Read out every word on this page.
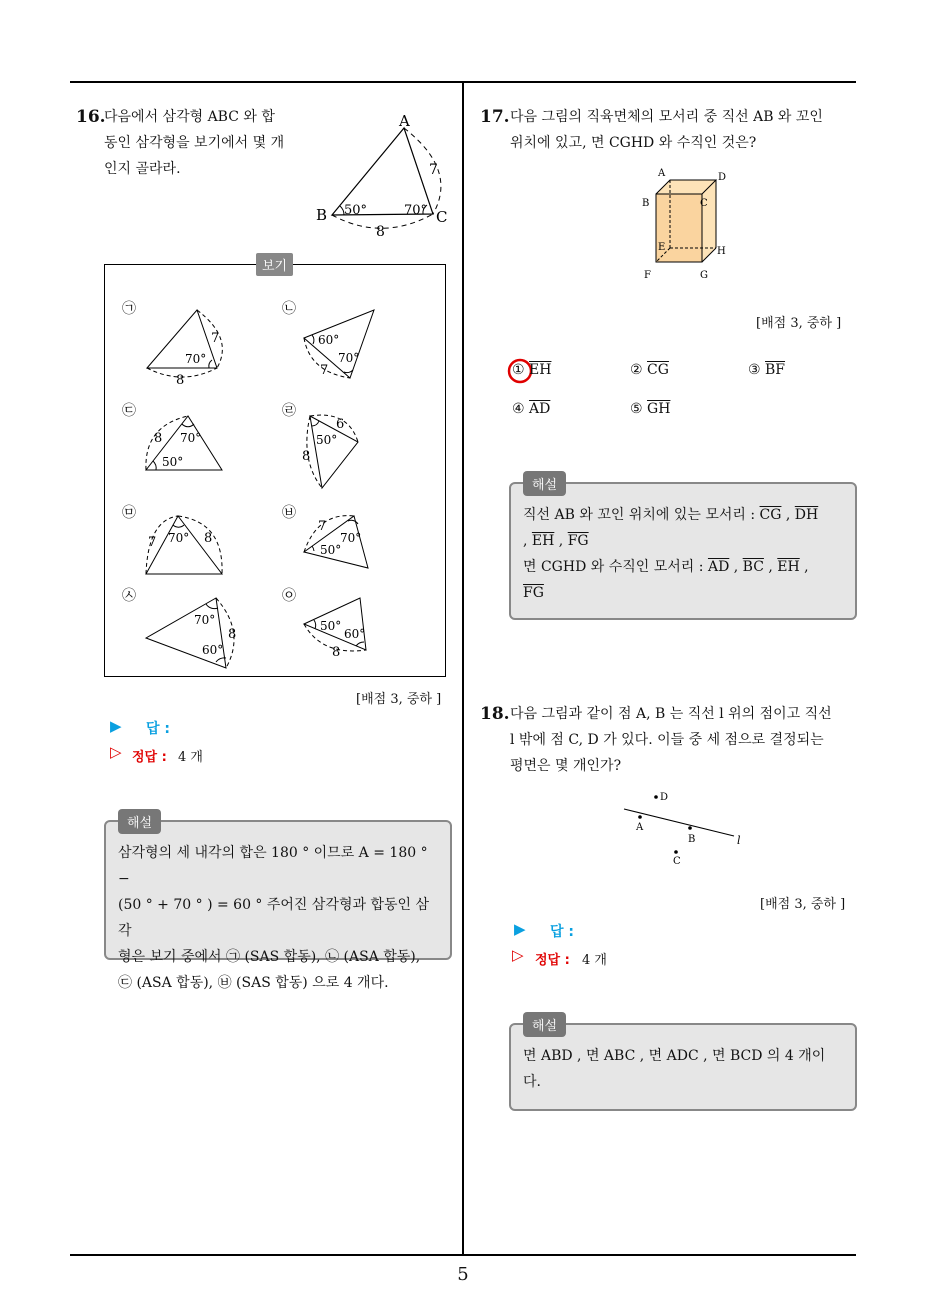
5
16.
다음에서 삼각형 ABC 와 합
동인 삼각형을 보기에서 몇 개
인지 골라라.
A
B	C
7
8
50°	70°
보기
㉠
7
70°
8
㉡
60°
70°
7
㉢
8 70°
50°
㉣
6
50°
8
㉤
7 70° 8
㉥
7
70°
50°
㉦
70°
8
60°
㉧
50°
60°
8
[배점 3, 중하 ]
▶ 답 :
▷ 정답 : 4 개
해설
삼각형의 세 내각의 합은 180 ° 이므로 A = 180 ° −
(50 ° + 70 ° ) = 60 ° 주어진 삼각형과 합동인 삼각
형은 보기 중에서 ㉠ (SAS 합동), ㉡ (ASA 합동),
㉢ (ASA 합동), ㉥ (SAS 합동) 으로 4 개다.
17. 다음 그림의 직육면체의 모서리 중 직선 AB 와 꼬인
위치에 있고, 면 CGHD 와 수직인 것은?
A
B	C
D
E
F	G
H
[배점 3, 중하 ]
① $\overline{EH}$	② $\overline{CG}$	③ $\overline{BF}$
④ $\overline{AD}$	⑤ $\overline{GH}$
해설
직선 AB 와 꼬인 위치에 있는 모서리 : $\overline{CG}$ , $\overline{DH}$
, $\overline{EH}$ , $\overline{FG}$
면 CGHD 와 수직인 모서리 : $\overline{AD}$ , $\overline{BC}$ , $\overline{EH}$ ,
$\overline{FG}$
18. 다음 그림과 같이 점 A, B 는 직선 l 위의 점이고 직선
l 밖에 점 C, D 가 있다. 이들 중 세 점으로 결정되는
평면은 몇 개인가?
D
A
B
C
l
[배점 3, 중하 ]
▶ 답 :
▷ 정답 : 4 개
해설
면 ABD , 면 ABC , 면 ADC , 면 BCD 의 4 개이
다.
